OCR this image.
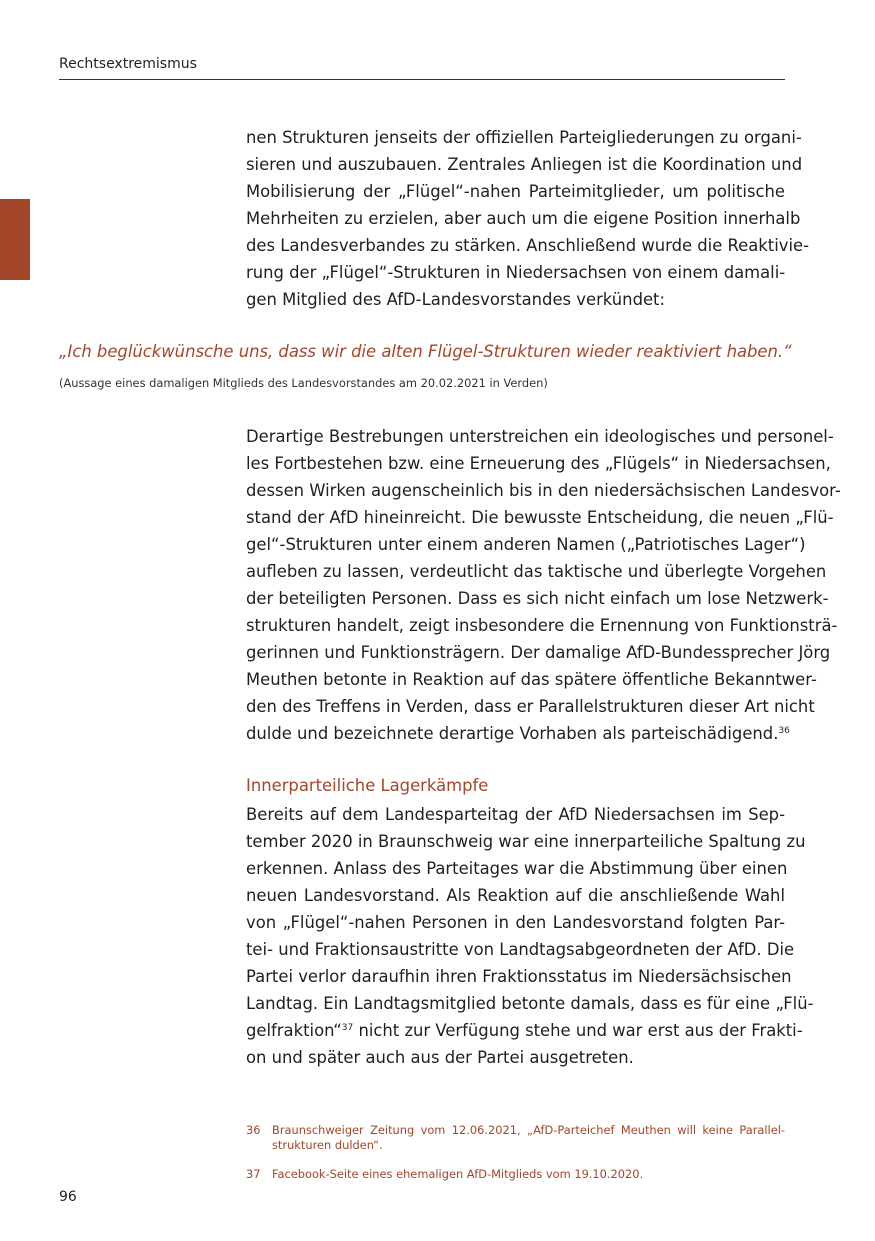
Rechtsextremismus
nen Strukturen jenseits der offiziellen Parteigliederungen zu organi-
sieren und auszubauen. Zentrales Anliegen ist die Koordination und
Mobilisierung der „Flügel“-nahen Parteimitglieder, um politische
Mehrheiten zu erzielen, aber auch um die eigene Position innerhalb
des Landesverbandes zu stärken. Anschließend wurde die Reaktivie-
rung der „Flügel“-Strukturen in Niedersachsen von einem damali-
gen Mitglied des AfD-Landesvorstandes verkündet:
„Ich beglückwünsche uns, dass wir die alten Flügel-Strukturen wieder reaktiviert haben.“
(Aussage eines damaligen Mitglieds des Landesvorstandes am 20.02.2021 in Verden)
Derartige Bestrebungen unterstreichen ein ideologisches und personel-
les Fortbestehen bzw. eine Erneuerung des „Flügels“ in Niedersachsen,
dessen Wirken augenscheinlich bis in den niedersächsischen Landesvor-
stand der AfD hineinreicht. Die bewusste Entscheidung, die neuen „Flü-
gel“-Strukturen unter einem anderen Namen („Patriotisches Lager“)
aufleben zu lassen, verdeutlicht das taktische und überlegte Vorgehen
der beteiligten Personen. Dass es sich nicht einfach um lose Netzwerk-
strukturen handelt, zeigt insbesondere die Ernennung von Funktionsträ-
gerinnen und Funktionsträgern. Der damalige AfD-Bundessprecher Jörg
Meuthen betonte in Reaktion auf das spätere öffentliche Bekanntwer-
den des Treffens in Verden, dass er Parallelstrukturen dieser Art nicht
dulde und bezeichnete derartige Vorhaben als parteischädigend.$^{36}$
Innerparteiliche Lagerkämpfe
Bereits auf dem Landesparteitag der AfD Niedersachsen im Sep-
tember 2020 in Braunschweig war eine innerparteiliche Spaltung zu
erkennen. Anlass des Parteitages war die Abstimmung über einen
neuen Landesvorstand. Als Reaktion auf die anschließende Wahl
von „Flügel“-nahen Personen in den Landesvorstand folgten Par-
tei- und Fraktionsaustritte von Landtagsabgeordneten der AfD. Die
Partei verlor daraufhin ihren Fraktionsstatus im Niedersächsischen
Landtag. Ein Landtagsmitglied betonte damals, dass es für eine „Flü-
gelfraktion“$^{37}$ nicht zur Verfügung stehe und war erst aus der Frakti-
on und später auch aus der Partei ausgetreten.
36 Braunschweiger Zeitung vom 12.06.2021, „AfD-Parteichef Meuthen will keine Parallel-
strukturen dulden“.
37 Facebook-Seite eines ehemaligen AfD-Mitglieds vom 19.10.2020.
96
